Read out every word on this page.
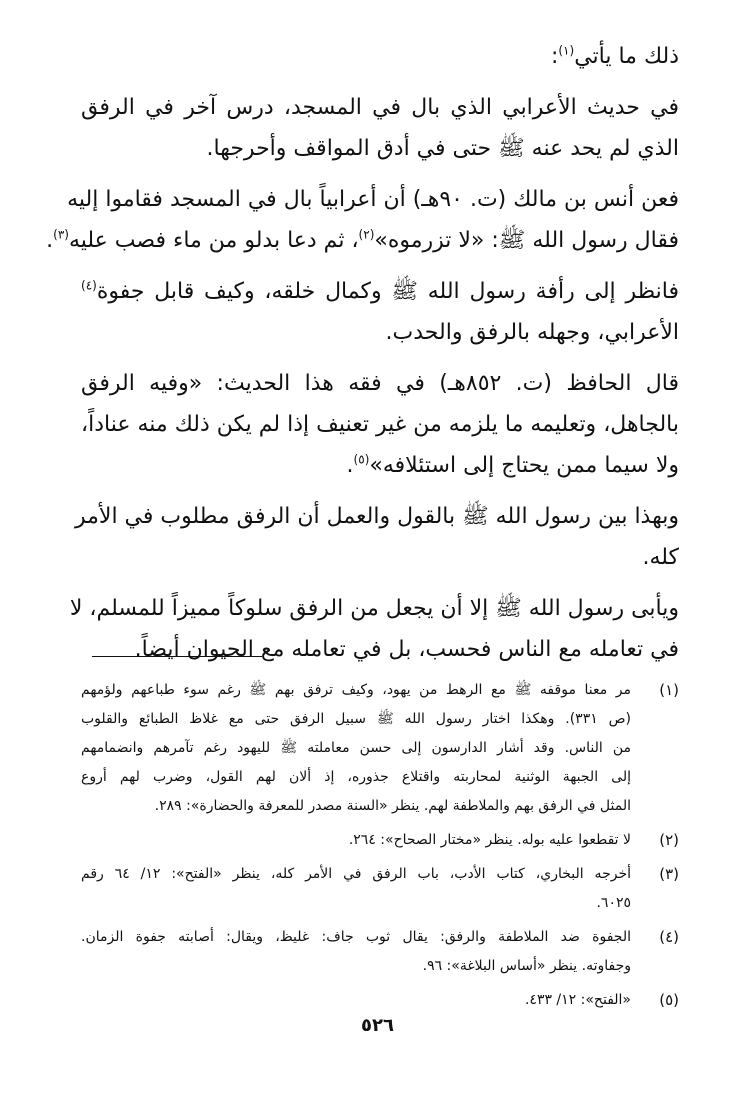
ذلك ما يأتي$^{(١)}$:
في حديث الأعرابي الذي بال في المسجد، درس آخر في الرفق
الذي لم يحد عنه ﷺ حتى في أدق المواقف وأحرجها.
فعن أنس بن مالك (ت. ٩٠هـ) أن أعرابياً بال في المسجد فقاموا إليه
فقال رسول الله ﷺ: «لا تزرموه»$^{(٢)}$، ثم دعا بدلو من ماء فصب عليه$^{(٣)}$.
فانظر إلى رأفة رسول الله ﷺ وكمال خلقه، وكيف قابل جفوة$^{(٤)}$
الأعرابي، وجهله بالرفق والحدب.
قال الحافظ (ت. ٨٥٢هـ) في فقه هذا الحديث: «وفيه الرفق
بالجاهل، وتعليمه ما يلزمه من غير تعنيف إذا لم يكن ذلك منه عناداً،
ولا سيما ممن يحتاج إلى استئلافه»$^{(٥)}$.
وبهذا بين رسول الله ﷺ بالقول والعمل أن الرفق مطلوب في الأمر
كله.
ويأبى رسول الله ﷺ إلا أن يجعل من الرفق سلوكاً مميزاً للمسلم، لا
في تعامله مع الناس فحسب، بل في تعامله مع الحيوان أيضاً.
(١)
مر معنا موقفه ﷺ مع الرهط من يهود، وكيف ترفق بهم ﷺ رغم سوء طباعهم ولؤمهم
(ص ٣٣١). وهكذا اختار رسول الله ﷺ سبيل الرفق حتى مع غلاظ الطبائع والقلوب
من الناس. وقد أشار الدارسون إلى حسن معاملته ﷺ لليهود رغم تآمرهم وانضمامهم
إلى الجبهة الوثنية لمحاربته واقتلاع جذوره، إذ ألان لهم القول، وضرب لهم أروع
المثل في الرفق بهم والملاطفة لهم. ينظر «السنة مصدر للمعرفة والحضارة»: ٢٨٩.
(٢)
لا تقطعوا عليه بوله. ينظر «مختار الصحاح»: ٢٦٤.
(٣)
أخرجه البخاري، كتاب الأدب، باب الرفق في الأمر كله، ينظر «الفتح»: ١٢/ ٦٤ رقم
٦٠٢٥.
(٤)
الجفوة ضد الملاطفة والرفق: يقال ثوب جاف: غليظ، ويقال: أصابته جفوة الزمان.
وجفاوته. ينظر «أساس البلاغة»: ٩٦.
(٥)
«الفتح»: ١٢/ ٤٣٣.
٥٢٦
